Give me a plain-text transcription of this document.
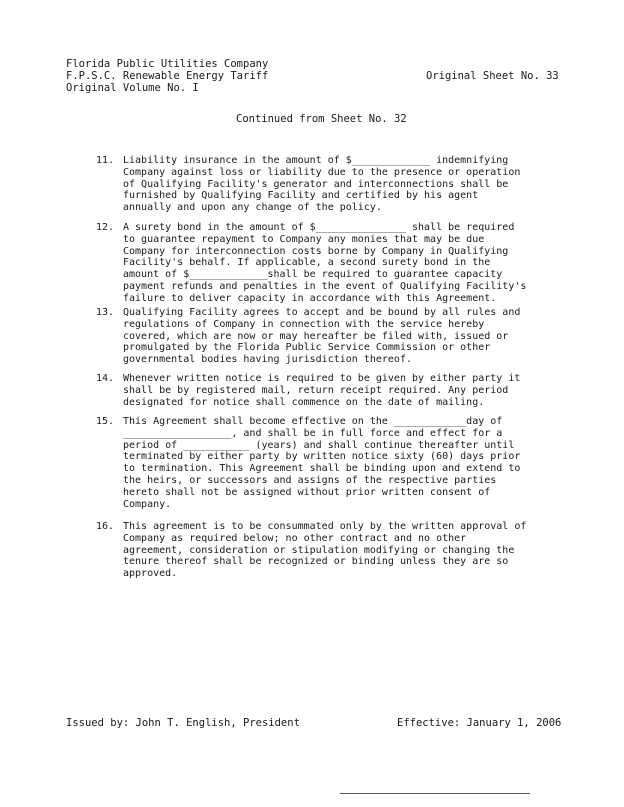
Florida Public Utilities Company
F.P.S.C. Renewable Energy Tariff
Original Volume No. I
Original Sheet No. 33
Continued from Sheet No. 32
11. Liability insurance in the amount of $_____________ indemnifying
Company against loss or liability due to the presence or operation
of Qualifying Facility's generator and interconnections shall be
furnished by Qualifying Facility and certified by his agent
annually and upon any change of the policy.
12. A surety bond in the amount of $_______________ shall be required
to guarantee repayment to Company any monies that may be due
Company for interconnection costs borne by Company in Qualifying
Facility's behalf. If applicable, a second surety bond in the
amount of $_____________shall be required to guarantee capacity
payment refunds and penalties in the event of Qualifying Facility's
failure to deliver capacity in accordance with this Agreement.
13. Qualifying Facility agrees to accept and be bound by all rules and
regulations of Company in connection with the service hereby
covered, which are now or may hereafter be filed with, issued or
promulgated by the Florida Public Service Commission or other
governmental bodies having jurisdiction thereof.
14. Whenever written notice is required to be given by either party it
shall be by registered mail, return receipt required. Any period
designated for notice shall commence on the date of mailing.
15. This Agreement shall become effective on the ____________day of
__________________, and shall be in full force and effect for a
period of ___________ (years) and shall continue thereafter until
terminated by either party by written notice sixty (60) days prior
to termination. This Agreement shall be binding upon and extend to
the heirs, or successors and assigns of the respective parties
hereto shall not be assigned without prior written consent of
Company.
16. This agreement is to be consummated only by the written approval of
Company as required below; no other contract and no other
agreement, consideration or stipulation modifying or changing the
tenure thereof shall be recognized or binding unless they are so
approved.
Issued by: John T. English, President	Effective: January 1, 2006
